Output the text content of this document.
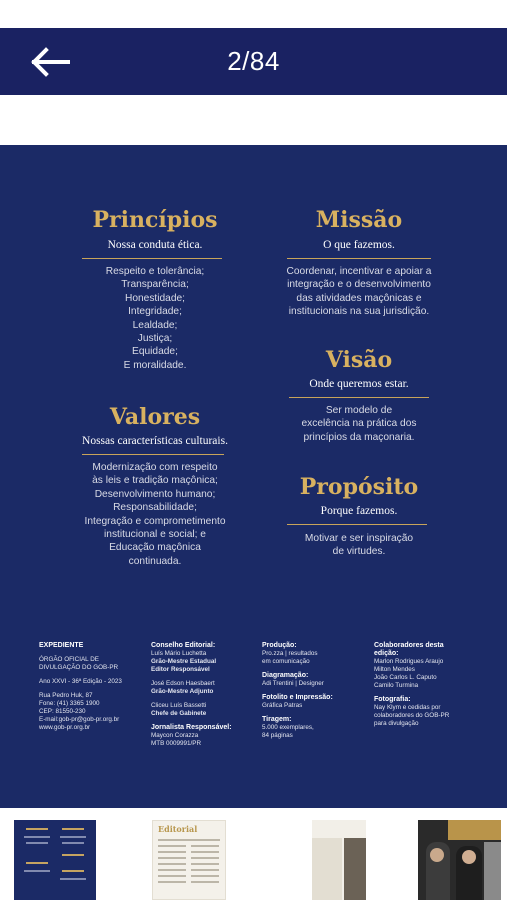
2/84
Princípios
Nossa conduta ética.
Respeito e tolerância;
Transparência;
Honestidade;
Integridade;
Lealdade;
Justiça;
Equidade;
E moralidade.
Missão
O que fazemos.
Coordenar, incentivar e apoiar a
integração e o desenvolvimento
das atividades maçônicas e
institucionais na sua jurisdição.
Visão
Onde queremos estar.
Ser modelo de
excelência na prática dos
princípios da maçonaria.
Valores
Nossas características culturais.
Modernização com respeito
às leis e tradição maçônica;
Desenvolvimento humano;
Responsabilidade;
Integração e comprometimento
institucional e social; e
Educação maçônica
continuada.
Propósito
Porque fazemos.
Motivar e ser inspiração
de virtudes.
EXPEDIENTE
ÓRGÃO OFICIAL DE
DIVULGAÇÃO DO GOB-PR
Ano XXVI - 36ª Edição - 2023
Rua Pedro Huk, 87
Fone: (41) 3365 1900
CEP: 81550-230
E-mail:gob-pr@gob-pr.org.br
www.gob-pr.org.br
Conselho Editorial:
Luís Mário Luchetta
Grão-Mestre Estadual
Editor Responsável
José Edson Haesbaert
Grão-Mestre Adjunto
Cliceu Luís Bassetti
Chefe de Gabinete
Jornalista Responsável:
Maycon Corazza
MTB 0009991/PR
Produção:
Pro.zza | resultados
em comunicação
Diagramação:
Adi Trentini | Designer
Fotolito e Impressão:
Gráfica Patras
Tiragem:
5.000 exemplares,
84 páginas
Colaboradores desta
edição:
Marlon Rodrigues Araujo
Milton Mendes
João Carlos L. Caputo
Camilo Turmina
Fotografia:
Nay Klym e cedidas por
colaboradores do GOB-PR
para divulgação
Editorial
